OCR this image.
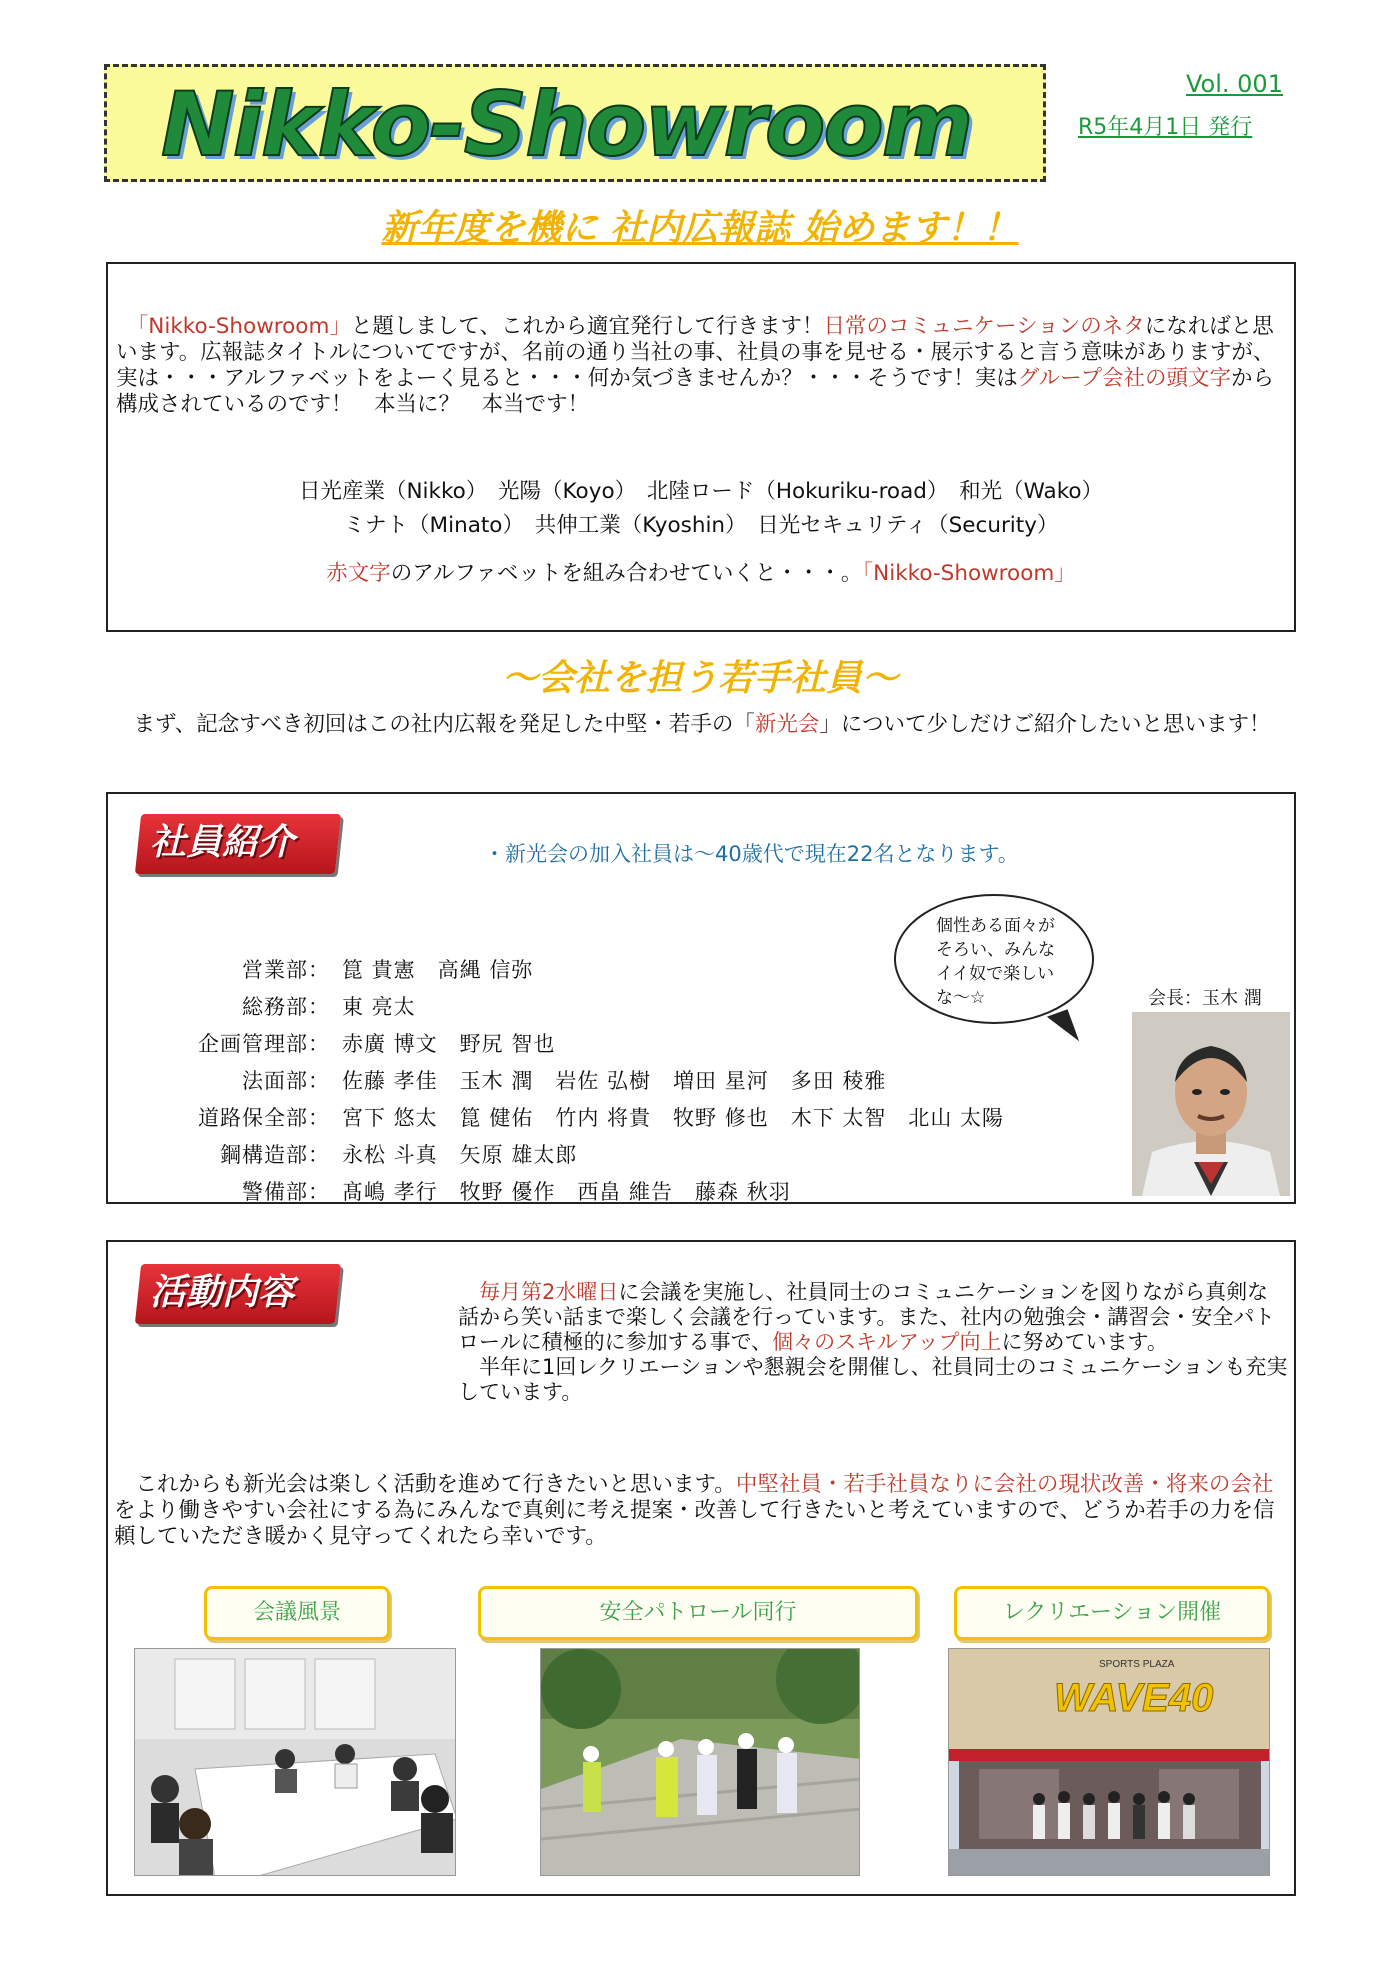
Nikko-Showroom	Vol. 001
R5年4月1日 発行
新年度を機に 社内広報誌 始めます！！
　「Nikko-Showroom」と題しまして、これから適宜発行して行きます！日常のコミュニケーションのネタになればと思います。広報誌タイトルについてですが、名前の通り当社の事、社員の事を見せる・展示すると言う意味がありますが、実は・・・アルファベットをよーく見ると・・・何か気づきませんか？・・・そうです！実はグループ会社の頭文字から構成されているのです！　本当に？　本当です！
日光産業（Nikko）　光陽（Koyo）　北陸ロード（Hokuriku-road）　和光（Wako）
ミナト（Minato）　共伸工業（Kyoshin）　日光セキュリティ（Security）
赤文字のアルファベットを組み合わせていくと・・・。「Nikko-Showroom」
～会社を担う若手社員～
　まず、記念すべき初回はこの社内広報を発足した中堅・若手の「新光会」について少しだけご紹介したいと思います！
社員紹介	・新光会の加入社員は～40歳代で現在22名となります。
営業部： 箟 貴憲　高縄 信弥
総務部： 東 亮太
企画管理部： 赤廣 博文　野尻 智也
法面部： 佐藤 孝佳　玉木 潤　岩佐 弘樹　増田 星河　多田 稜雅
道路保全部： 宮下 悠太　箟 健佑　竹内 将貴　牧野 修也　木下 太智　北山 太陽
鋼構造部： 永松 斗真　矢原 雄太郎
警備部： 髙嶋 孝行　牧野 優作　西畠 維告　藤森 秋羽
個性ある面々がそろい、みんなイイ奴で楽しいな～☆	会長：玉木 潤
活動内容
　	毎月第2水曜日に会議を実施し、社員同士のコミュニケーションを図りながら真剣な話から笑い話まで楽しく会議を行っています。また、社内の勉強会・講習会・安全パトロールに積極的に参加する事で、個々のスキルアップ向上に努めています。
　半年に1回レクリエーションや懇親会を開催し、社員同士のコミュニケーションも充実しています。
　これからも新光会は楽しく活動を進めて行きたいと思います。中堅社員・若手社員なりに会社の現状改善・将来の会社をより働きやすい会社にする為にみんなで真剣に考え提案・改善して行きたいと考えていますので、どうか若手の力を信頼していただき暖かく見守ってくれたら幸いです。
会議風景	安全パトロール同行	レクリエーション開催
SPORTS PLAZA
WAVE40
